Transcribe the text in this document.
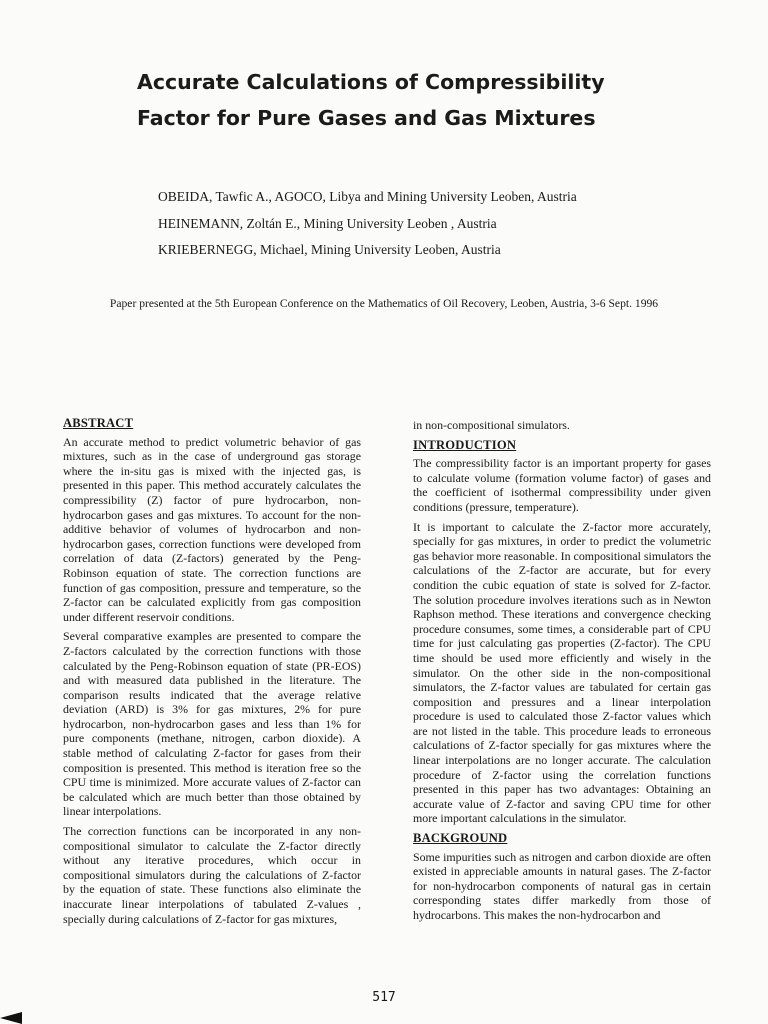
Accurate Calculations of Compressibility
Factor for Pure Gases and Gas Mixtures
OBEIDA, Tawfic A., AGOCO, Libya and Mining University Leoben, Austria
HEINEMANN, Zoltán E., Mining University Leoben , Austria
KRIEBERNEGG, Michael, Mining University Leoben, Austria
Paper presented at the 5th European Conference on the Mathematics of Oil Recovery, Leoben, Austria, 3-6 Sept. 1996
ABSTRACT

An accurate method to predict volumetric behavior of gas mixtures, such as in the case of underground gas storage where the in-situ gas is mixed with the injected gas, is presented in this paper. This method accurately calculates the compressibility (Z) factor of pure hydrocarbon, non-hydrocarbon gases and gas mixtures. To account for the non-additive behavior of volumes of hydrocarbon and non-hydrocarbon gases, correction functions were developed from correlation of data (Z-factors) generated by the Peng-Robinson equation of state. The correction functions are function of gas composition, pressure and temperature, so the Z-factor can be calculated explicitly from gas composition under different reservoir conditions.

Several comparative examples are presented to compare the Z-factors calculated by the correction functions with those calculated by the Peng-Robinson equation of state (PR-EOS) and with measured data published in the literature. The comparison results indicated that the average relative deviation (ARD) is 3% for gas mixtures, 2% for pure hydrocarbon, non-hydrocarbon gases and less than 1% for pure components (methane, nitrogen, carbon dioxide). A stable method of calculating Z-factor for gases from their composition is presented. This method is iteration free so the CPU time is minimized. More accurate values of Z-factor can be calculated which are much better than those obtained by linear interpolations.

The correction functions can be incorporated in any non-compositional simulator to calculate the Z-factor directly without any iterative procedures, which occur in compositional simulators during the calculations of Z-factor by the equation of state. These functions also eliminate the inaccurate linear interpolations of tabulated Z-values , specially during calculations of Z-factor for gas mixtures,

in non-compositional simulators.

INTRODUCTION

The compressibility factor is an important property for gases to calculate volume (formation volume factor) of gases and the coefficient of isothermal compressibility under given conditions (pressure, temperature).

It is important to calculate the Z-factor more accurately, specially for gas mixtures, in order to predict the volumetric gas behavior more reasonable. In compositional simulators the calculations of the Z-factor are accurate, but for every condition the cubic equation of state is solved for Z-factor. The solution procedure involves iterations such as in Newton Raphson method. These iterations and convergence checking procedure consumes, some times, a considerable part of CPU time for just calculating gas properties (Z-factor). The CPU time should be used more efficiently and wisely in the simulator. On the other side in the non-compositional simulators, the Z-factor values are tabulated for certain gas composition and pressures and a linear interpolation procedure is used to calculated those Z-factor values which are not listed in the table. This procedure leads to erroneous calculations of Z-factor specially for gas mixtures where the linear interpolations are no longer accurate. The calculation procedure of Z-factor using the correlation functions presented in this paper has two advantages: Obtaining an accurate value of Z-factor and saving CPU time for other more important calculations in the simulator.

BACKGROUND

Some impurities such as nitrogen and carbon dioxide are often existed in appreciable amounts in natural gases. The Z-factor for non-hydrocarbon components of natural gas in certain corresponding states differ markedly from those of hydrocarbons. This makes the non-hydrocarbon and

517
